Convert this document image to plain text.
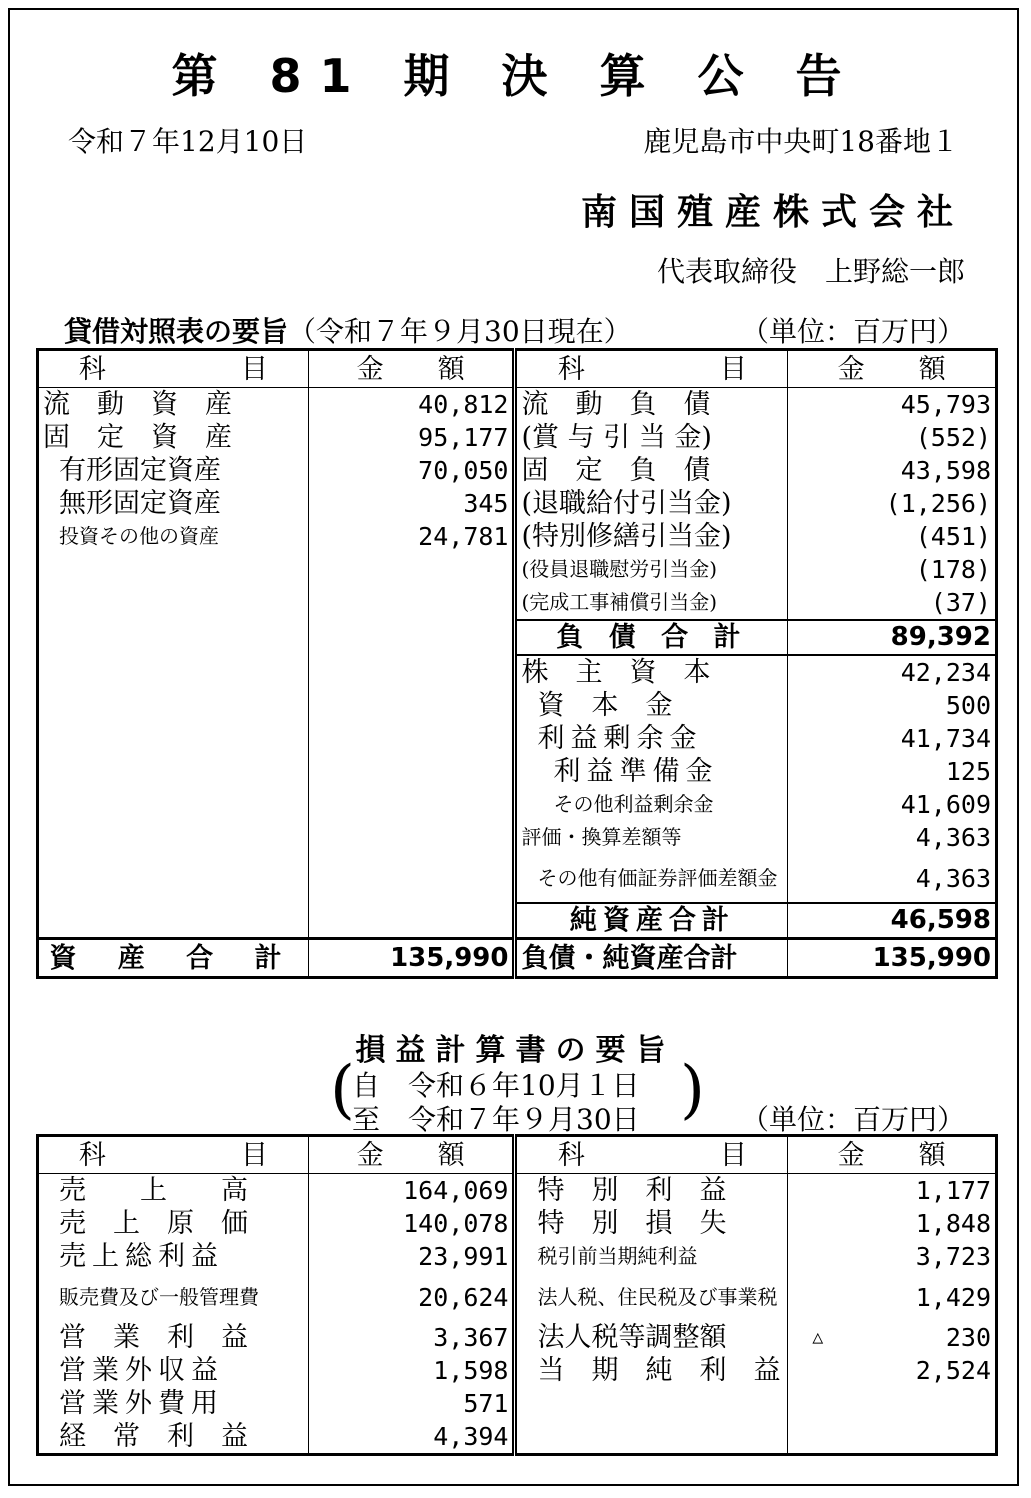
第 81 期 決 算 公 告
令和７年12月10日	鹿児島市中央町18番地１
南国殖産株式会社
代表取締役　上野総一郎
貸借対照表の要旨（令和７年９月30日現在）	（単位：百万円）
科　　　　　目	金　　額	科　　　　　目	金　　額
流　動　資　産	40,812	流　動　負　債	45,793
固　定　資　産	95,177	(賞 与 引 当 金)	(552)
有形固定資産	70,050	固　定　負　債	43,598
無形固定資産	345	(退職給付引当金)	(1,256)
投資その他の資産	24,781	(特別修繕引当金)	(451)
		(役員退職慰労引当金)	(178)
		(完成工事補償引当金)	(37)
		負 債 合 計	89,392
		株　主　資　本	42,234
		資　本　金	500
		利益剰余金	41,734
		利益準備金	125
		その他利益剰余金	41,609
		評価・換算差額等	4,363
		その他有価証券評価差額金	4,363
		純資産合計	46,598
資 産 合 計	135,990	負債・純資産合計	135,990
損益計算書の要旨
(
自　令和６年10月１日
至　令和７年９月30日 ) （単位：百万円）
科　　　　　目	金　　額	科　　　　　目	金　　額
売　　上　　高	164,069	特　別　利　益	1,177
売　上　原　価	140,078	特　別　損　失	1,848
売上総利益	23,991	税引前当期純利益	3,723
販売費及び一般管理費	20,624	法人税、住民税及び事業税	1,429
営　業　利　益	3,367	法人税等調整額	△ 230
営業外収益	1,598	当　期　純　利　益	2,524
営業外費用	571		
経　常　利　益	4,394		
